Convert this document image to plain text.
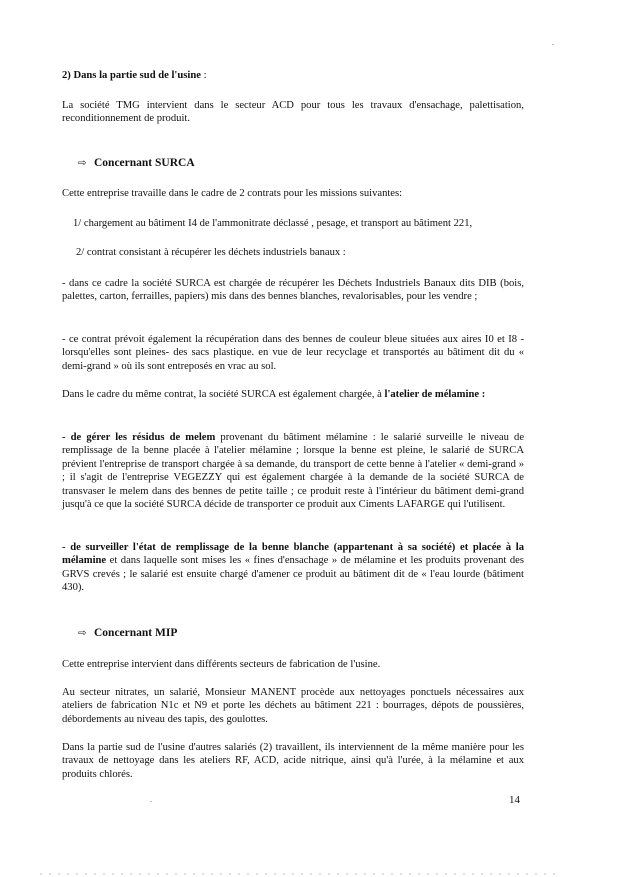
2) Dans la partie sud de l'usine :
La société TMG intervient dans le secteur ACD pour tous les travaux d'ensachage, palettisation, reconditionnement de produit.
⇨ Concernant SURCA
Cette entreprise travaille dans le cadre de 2 contrats pour les missions suivantes:
1/ chargement au bâtiment I4 de l'ammonitrate déclassé , pesage, et transport au bâtiment 221,
2/ contrat consistant à récupérer les déchets industriels banaux :
- dans ce cadre la société SURCA est chargée de récupérer les Déchets Industriels Banaux dits DIB (bois, palettes, carton, ferrailles, papiers) mis dans des bennes blanches, revalorisables, pour les vendre ;
- ce contrat prévoit également la récupération dans des bennes de couleur bleue situées aux aires I0 et I8 -lorsqu'elles sont pleines- des sacs plastique. en vue de leur recyclage et transportés au bâtiment dit du « demi-grand » où ils sont entreposés en vrac au sol.
Dans le cadre du même contrat, la société SURCA est également chargée, à l'atelier de mélamine :
- de gérer les résidus de melem provenant du bâtiment mélamine : le salarié surveille le niveau de remplissage de la benne placée à l'atelier mélamine ; lorsque la benne est pleine, le salarié de SURCA prévient l'entreprise de transport chargée à sa demande, du transport de cette benne à l'atelier « demi-grand » ; il s'agit de l'entreprise VEGEZZY qui est également chargée à la demande de la société SURCA de transvaser le melem dans des bennes de petite taille ; ce produit reste à l'intérieur du bâtiment demi-grand jusqu'à ce que la société SURCA décide de transporter ce produit aux Ciments LAFARGE qui l'utilisent.
- de surveiller l'état de remplissage de la benne blanche (appartenant à sa société) et placée à la mélamine et dans laquelle sont mises les « fines d'ensachage » de mélamine et les produits provenant des GRVS crevés ; le salarié est ensuite chargé d'amener ce produit au bâtiment dit de « l'eau lourde (bâtiment 430).
⇨ Concernant MIP
Cette entreprise intervient dans différents secteurs de fabrication de l'usine.
Au secteur nitrates, un salarié, Monsieur MANENT procède aux nettoyages ponctuels nécessaires aux ateliers de fabrication N1c et N9 et porte les déchets au bâtiment 221 : bourrages, dépots de poussières, débordements au niveau des tapis, des goulottes.
Dans la partie sud de l'usine d'autres salariés (2) travaillent, ils interviennent de la même manière pour les travaux de nettoyage dans les ateliers RF, ACD, acide nitrique, ainsi qu'à l'urée, à la mélamine et aux produits chlorés.
14
